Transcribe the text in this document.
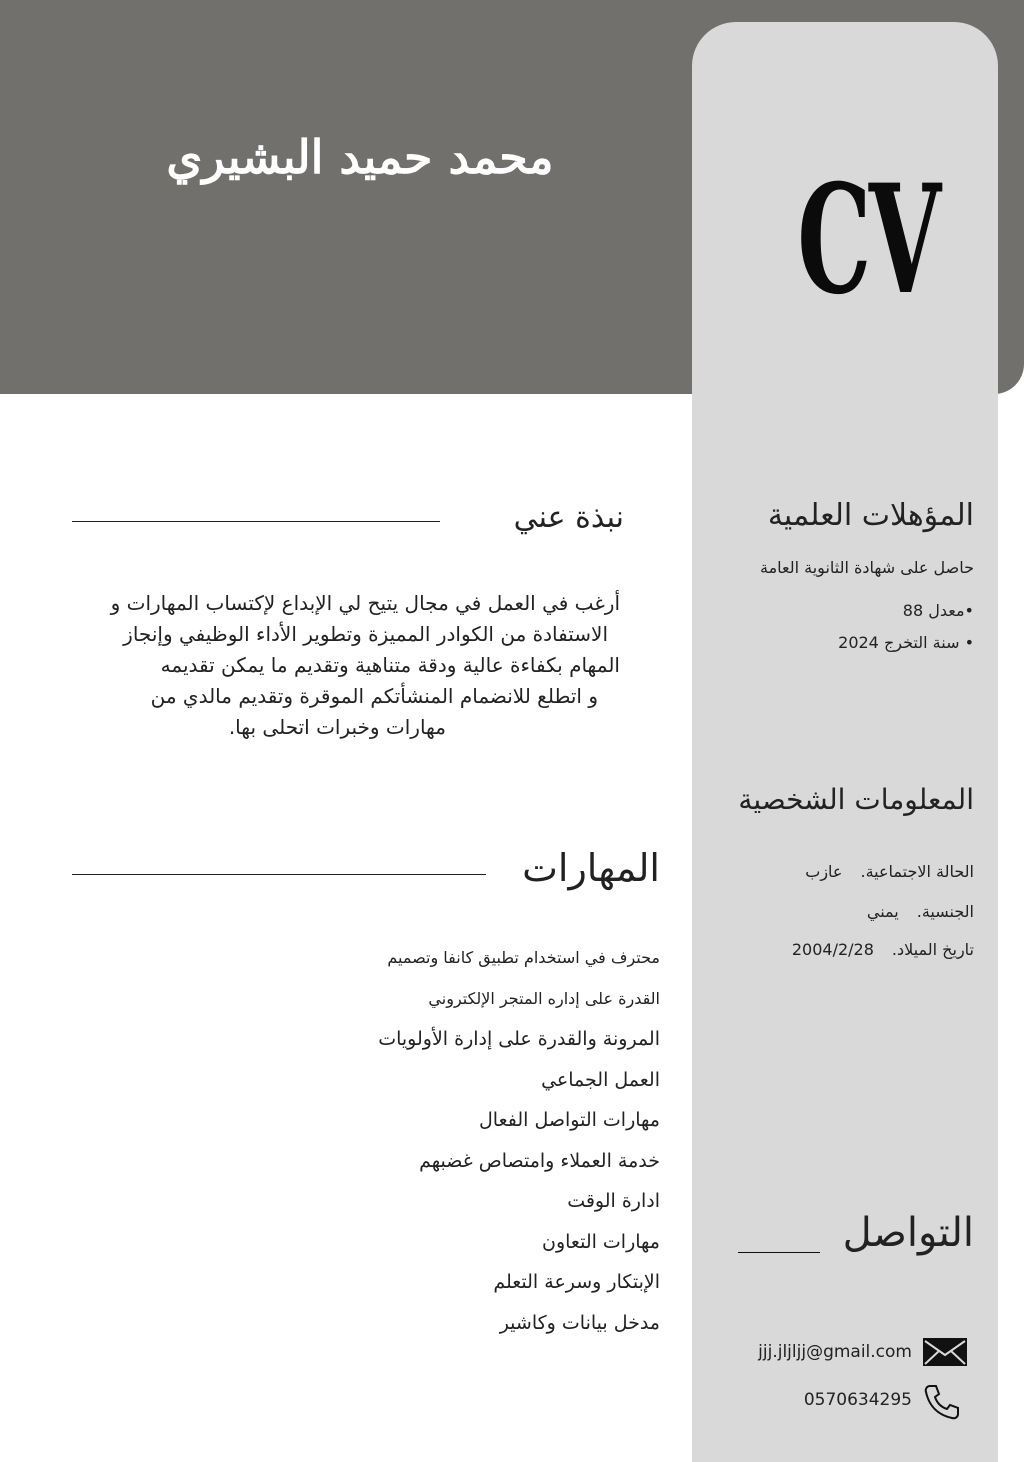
محمد حميد البشيري	CV
المؤهلات العلمية
حاصل على شهادة الثانوية العامة
•معدل 88
• سنة التخرج 2024
المعلومات الشخصية
الحالة الاجتماعية.عازب
الجنسية.يمني
تاريخ الميلاد.2004/2/28
التواصل
jjj.jljljj@gmail.com
0570634295
نبذة عني
أرغب في العمل في مجال يتيح لي الإبداع لإكتساب المهارات و
الاستفادة من الكوادر المميزة وتطوير الأداء الوظيفي وإنجاز
المهام بكفاءة عالية ودقة متناهية وتقديم ما يمكن تقديمه
و اتطلع للانضمام المنشأتكم الموقرة وتقديم مالدي من
مهارات وخبرات اتحلى بها.
المهارات
محترف في استخدام تطبيق كانفا وتصميم
القدرة على إداره المتجر الإلكتروني
المرونة والقدرة على إدارة الأولويات
العمل الجماعي
مهارات التواصل الفعال
خدمة العملاء وامتصاص غضبهم
ادارة الوقت
مهارات التعاون
الإبتكار وسرعة التعلم
مدخل بيانات وكاشير
